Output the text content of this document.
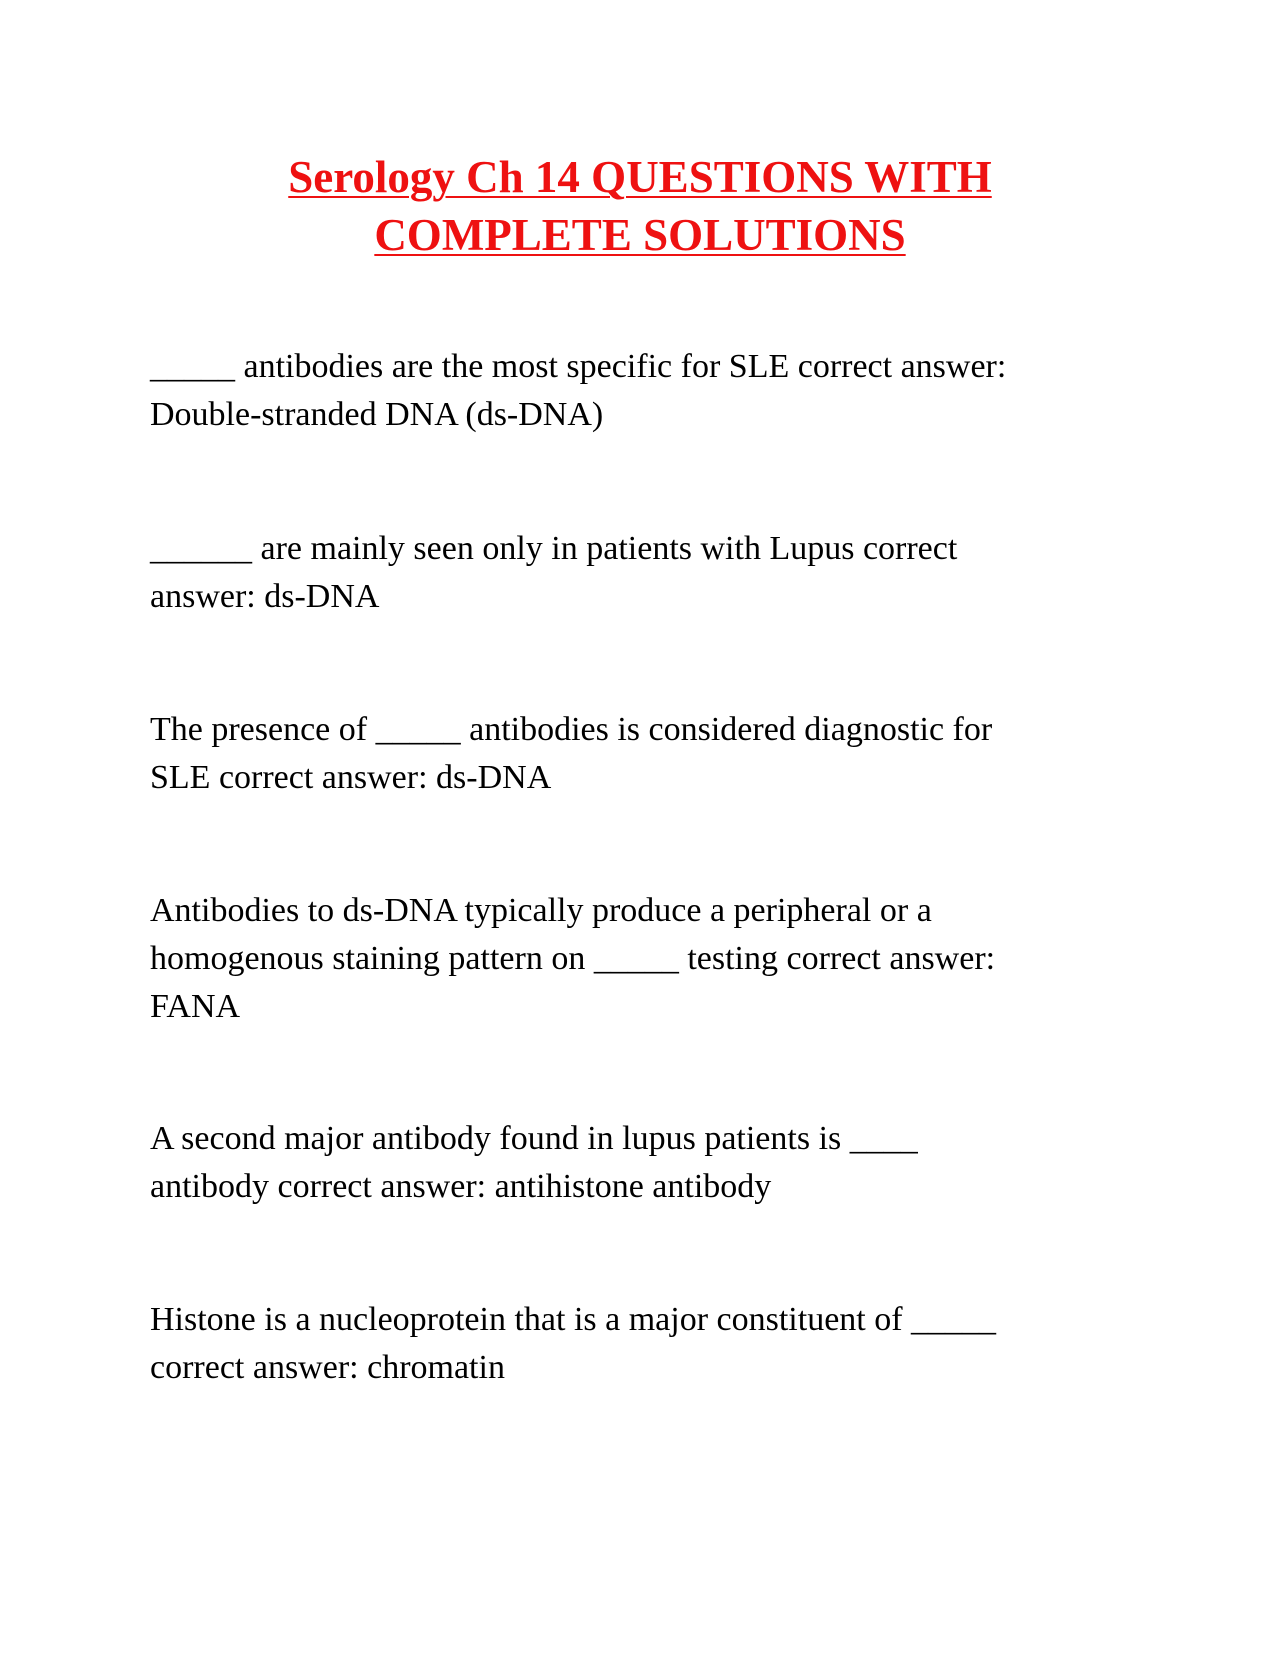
Serology Ch 14 QUESTIONS WITH
COMPLETE SOLUTIONS
_____ antibodies are the most specific for SLE correct answer:
Double-stranded DNA (ds-DNA)
______ are mainly seen only in patients with Lupus correct
answer: ds-DNA
The presence of _____ antibodies is considered diagnostic for
SLE correct answer: ds-DNA
Antibodies to ds-DNA typically produce a peripheral or a
homogenous staining pattern on _____ testing correct answer:
FANA
A second major antibody found in lupus patients is ____
antibody correct answer: antihistone antibody
Histone is a nucleoprotein that is a major constituent of _____
correct answer: chromatin
